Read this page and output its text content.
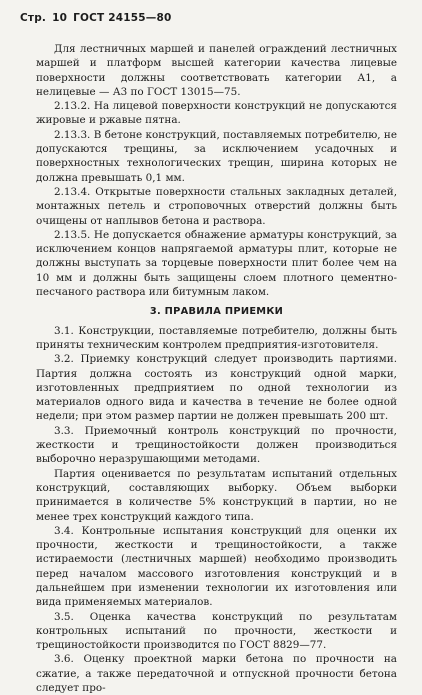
Стр. 10 ГОСТ 24155—80

Для лестничных маршей и панелей ограждений лестничных маршей и платформ высшей категории качества лицевые поверхности должны соответствовать категории А1, а нелицевые — А3 по ГОСТ 13015—75.

2.13.2. На лицевой поверхности конструкций не допускаются жировые и ржавые пятна.

2.13.3. В бетоне конструкций, поставляемых потребителю, не допускаются трещины, за исключением усадочных и поверхностных технологических трещин, ширина которых не должна превышать 0,1 мм.

2.13.4. Открытые поверхности стальных закладных деталей, монтажных петель и строповочных отверстий должны быть очищены от наплывов бетона и раствора.

2.13.5. Не допускается обнажение арматуры конструкций, за исключением концов напрягаемой арматуры плит, которые не должны выступать за торцевые поверхности плит более чем на 10 мм и должны быть защищены слоем плотного цементно-песчаного раствора или битумным лаком.

3. ПРАВИЛА ПРИЕМКИ

3.1. Конструкции, поставляемые потребителю, должны быть приняты техническим контролем предприятия-изготовителя.

3.2. Приемку конструкций следует производить партиями. Партия должна состоять из конструкций одной марки, изготовленных предприятием по одной технологии из материалов одного вида и качества в течение не более одной недели; при этом размер партии не должен превышать 200 шт.

3.3. Приемочный контроль конструкций по прочности, жесткости и трещиностойкости должен производиться выборочно неразрушающими методами.

Партия оценивается по результатам испытаний отдельных конструкций, составляющих выборку. Объем выборки принимается в количестве 5% конструкций в партии, но не менее трех конструкций каждого типа.

3.4. Контрольные испытания конструкций для оценки их прочности, жесткости и трещиностойкости, а также истираемости (лестничных маршей) необходимо производить перед началом массового изготовления конструкций и в дальнейшем при изменении технологии их изготовления или вида применяемых материалов.

3.5. Оценка качества конструкций по результатам контрольных испытаний по прочности, жесткости и трещиностойкости производится по ГОСТ 8829—77.

3.6. Оценку проектной марки бетона по прочности на сжатие, а также передаточной и отпускной прочности бетона следует про-
